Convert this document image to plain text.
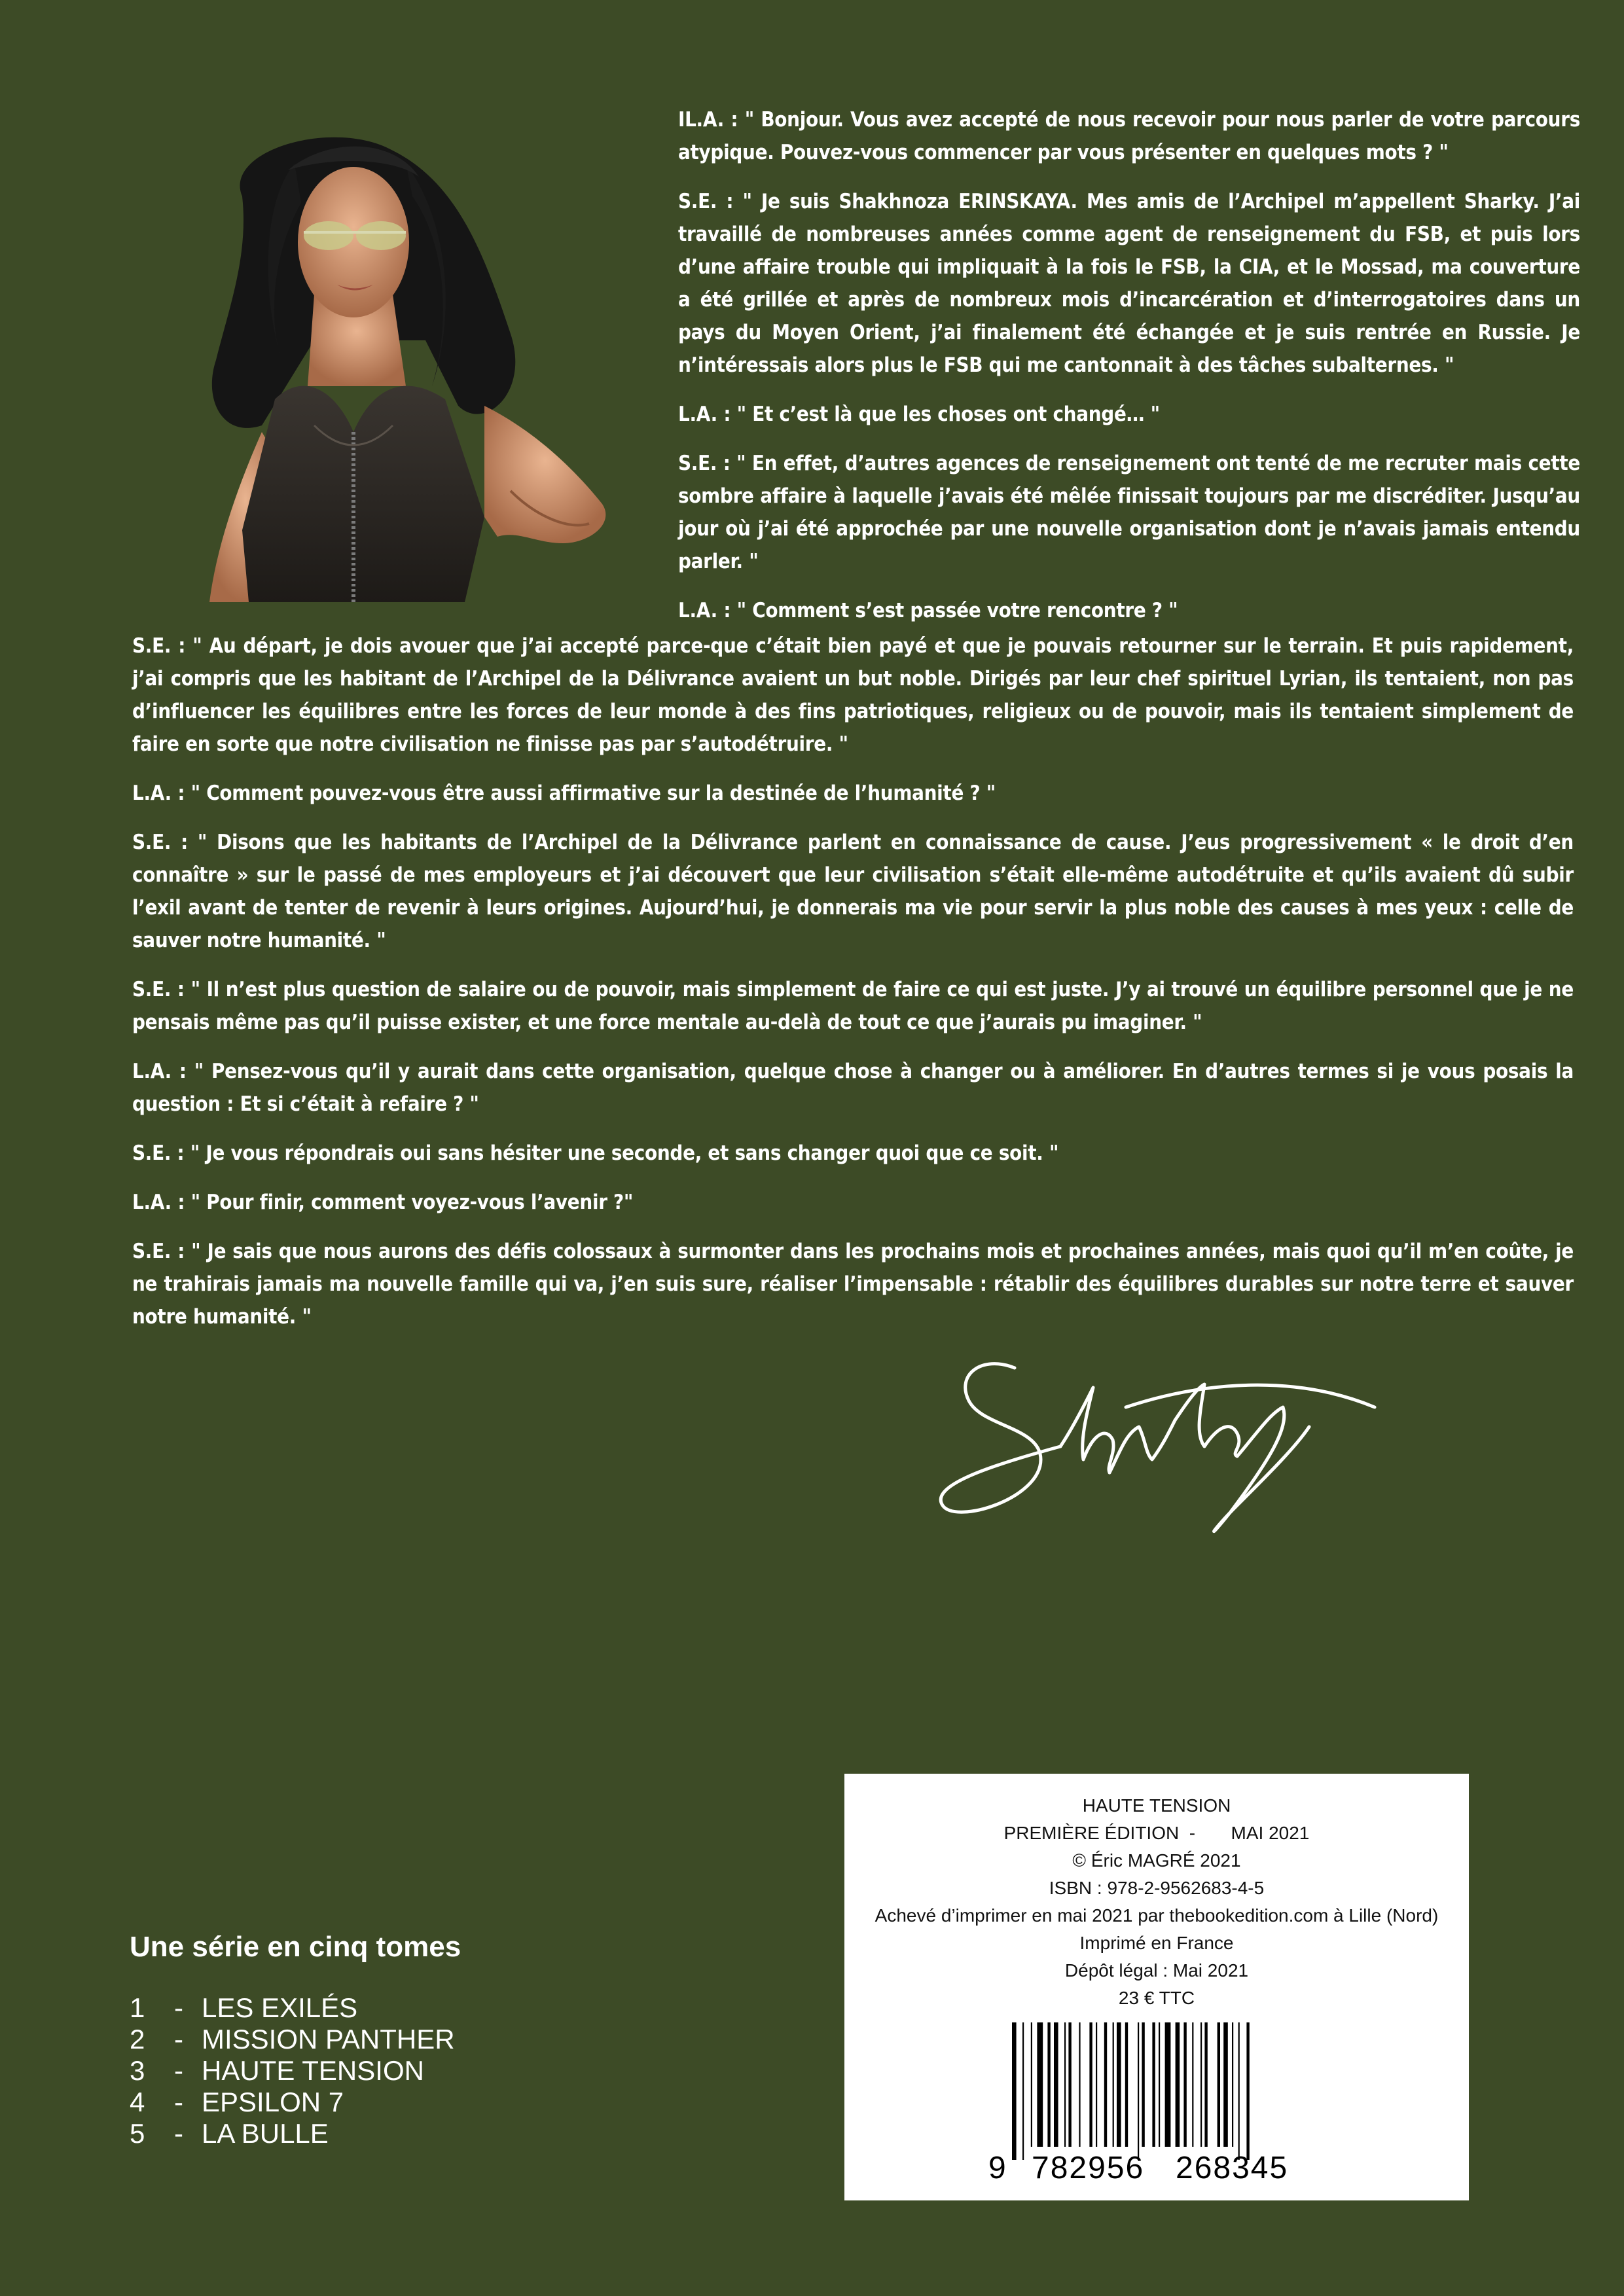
IL.A. : " Bonjour. Vous avez accepté de nous recevoir pour nous parler de votre parcours atypique. Pouvez-vous commencer par vous présenter en quelques mots ? "

S.E. : " Je suis Shakhnoza ERINSKAYA. Mes amis de l’Archipel m’appellent Sharky. J’ai travaillé de nombreuses années comme agent de renseignement du FSB, et puis lors d’une affaire trouble qui impliquait à la fois le FSB, la CIA, et le Mossad, ma couverture a été grillée et après de nombreux mois d’incarcération et d’interrogatoires dans un pays du Moyen Orient, j’ai finalement été échangée et je suis rentrée en Russie. Je n’intéressais alors plus le FSB qui me cantonnait à des tâches subalternes. "

L.A. : " Et c’est là que les choses ont changé… "

S.E. : " En effet, d’autres agences de renseignement ont tenté de me recruter mais cette sombre affaire à laquelle j’avais été mêlée finissait toujours par me discréditer. Jusqu’au jour où j’ai été approchée par une nouvelle organisation dont je n’avais jamais entendu parler. "

L.A. : " Comment s’est passée votre rencontre ? "

S.E. : " Au départ, je dois avouer que j’ai accepté parce-que c’était bien payé et que je pouvais retourner sur le terrain. Et puis rapidement, j’ai compris que les habitant de l’Archipel de la Délivrance avaient un but noble. Dirigés par leur chef spirituel Lyrian, ils tentaient, non pas d’influencer les équilibres entre les forces de leur monde à des fins patriotiques, religieux ou de pouvoir, mais ils tentaient simplement de faire en sorte que notre civilisation ne finisse pas par s’autodétruire. "

L.A. : " Comment pouvez-vous être aussi affirmative sur la destinée de l’humanité ? "

S.E. : " Disons que les habitants de l’Archipel de la Délivrance parlent en connaissance de cause. J’eus progressivement « le droit d’en connaître » sur le passé de mes employeurs et j’ai découvert que leur civilisation s’était elle-même autodétruite et qu’ils avaient dû subir l’exil avant de tenter de revenir à leurs origines. Aujourd’hui, je donnerais ma vie pour servir la plus noble des causes à mes yeux : celle de sauver notre humanité. "

S.E. : " Il n’est plus question de salaire ou de pouvoir, mais simplement de faire ce qui est juste. J’y ai trouvé un équilibre personnel que je ne pensais même pas qu’il puisse exister, et une force mentale au-delà de tout ce que j’aurais pu imaginer. "

L.A. : " Pensez-vous qu’il y aurait dans cette organisation, quelque chose à changer ou à améliorer. En d’autres termes si je vous posais la question : Et si c’était à refaire ? "

S.E. : " Je vous répondrais oui sans hésiter une seconde, et sans changer quoi que ce soit. "

L.A. : " Pour finir, comment voyez-vous l’avenir ?"

S.E. : " Je sais que nous aurons des défis colossaux à surmonter dans les prochains mois et prochaines années, mais quoi qu’il m’en coûte, je ne trahirais jamais ma nouvelle famille qui va, j’en suis sure, réaliser l’impensable : rétablir des équilibres durables sur notre terre et sauver notre humanité. "

Une série en cinq tomes
1	- LES EXILÉS
2	- MISSION PANTHER
3	- HAUTE TENSION
4	- EPSILON 7
5	- LA BULLE
HAUTE TENSION
PREMIÈRE ÉDITION  -       MAI 2021
© Éric MAGRÉ 2021
ISBN : 978-2-9562683-4-5
Achevé d’imprimer en mai 2021 par thebookedition.com à Lille (Nord)
Imprimé en France
Dépôt légal : Mai 2021
23 € TTC
9 782956 268345
